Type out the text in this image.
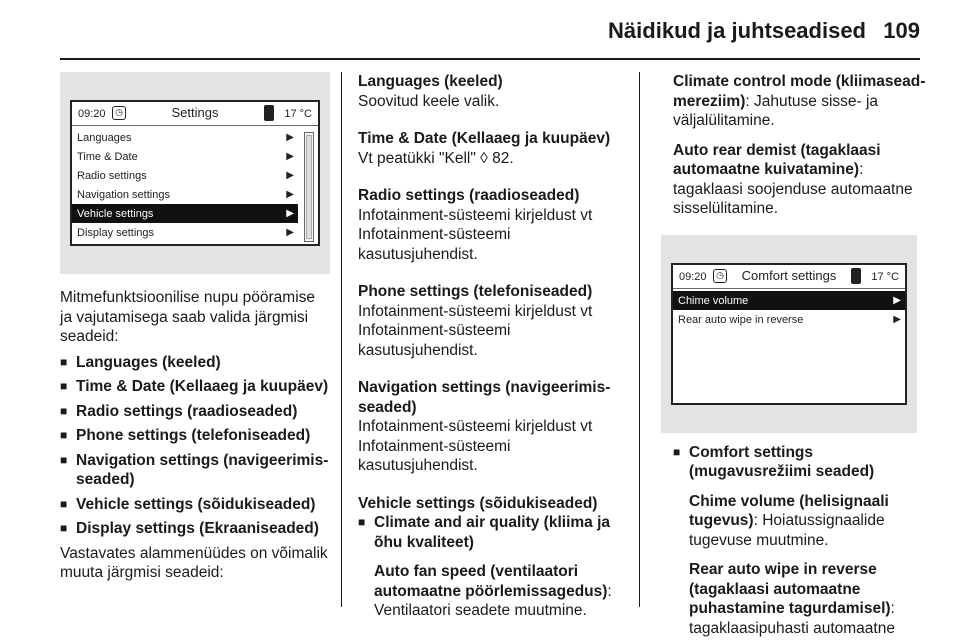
Näidikud ja juhtseadised 109
09:20	◷	Settings	17 °C
Languages	▶
Time & Date	▶
Radio settings	▶
Navigation settings	▶
Vehicle settings	▶
Display settings	▶

Mitmefunktsioonilise nupu pööramise ja vajutamisega saab valida järgmisi seadeid:

■ Languages (keeled)
■ Time & Date (Kellaaeg ja kuupäev)
■ Radio settings (raadioseaded)
■ Phone settings (telefoniseaded)
■ Navigation settings (navigeerimis-seaded)
■ Vehicle settings (sõidukiseaded)
■ Display settings (Ekraaniseaded)

Vastavates alammenüüdes on võimalik muuta järgmisi seadeid:

Languages (keeled)

Soovitud keele valik.

Time & Date (Kellaaeg ja kuupäev)

Vt peatükki "Kell" ◊ 82.

Radio settings (raadioseaded)

Infotainment-süsteemi kirjeldust vt Infotainment-süsteemi kasutusjuhendist.

Phone settings (telefoniseaded)

Infotainment-süsteemi kirjeldust vt Infotainment-süsteemi kasutusjuhendist.

Navigation settings (navigeerimis-seaded)

Infotainment-süsteemi kirjeldust vt Infotainment-süsteemi kasutusjuhendist.

Vehicle settings (sõidukiseaded)

■ Climate and air quality (kliima ja õhu kvaliteet)

Auto fan speed (ventilaatori automaatne pöörlemissagedus): Ventilaatori seadete muutmine.

Climate control mode (kliimasead-mereziim): Jahutuse sisse- ja väljalülitamine.

Auto rear demist (tagaklaasi automaatne kuivatamine): tagaklaasi soojenduse automaatne sisselülitamine.

09:20	◷	Comfort settings	17 °C
Chime volume	▶
Rear auto wipe in reverse	▶

■ Comfort settings (mugavusrežiimi seaded)

Chime volume (helisignaali tugevus): Hoiatussignaalide tugevuse muutmine.

Rear auto wipe in reverse (tagaklaasi automaatne puhastamine tagurdamisel): tagaklaasipuhasti automaatne
